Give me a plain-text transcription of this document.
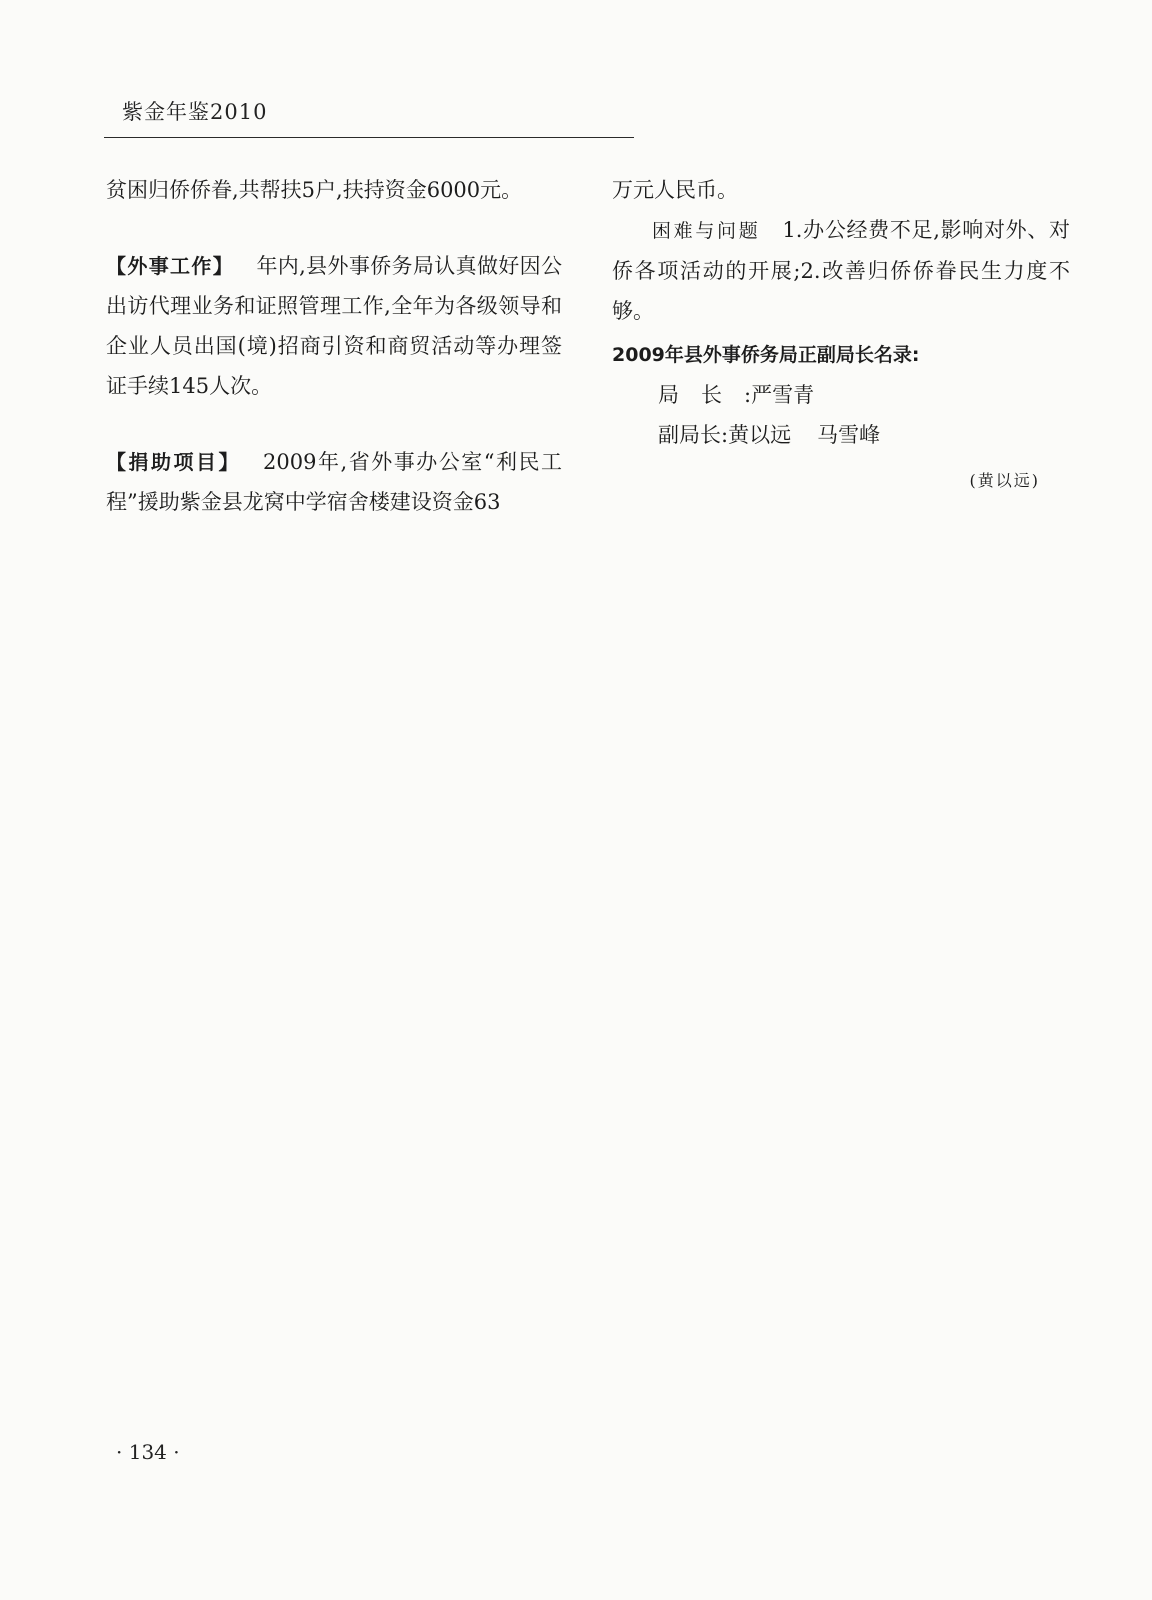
紫金年鉴2010

贫困归侨侨眷,共帮扶5户,扶持资金6000元。

【外事工作】 年内,县外事侨务局认真做好因公出访代理业务和证照管理工作,全年为各级领导和企业人员出国(境)招商引资和商贸活动等办理签证手续145人次。

【捐助项目】 2009年,省外事办公室“利民工程”援助紫金县龙窝中学宿舍楼建设资金63

万元人民币。

困难与问题 1.办公经费不足,影响对外、对侨各项活动的开展;2.改善归侨侨眷民生力度不够。

2009年县外事侨务局正副局长名录:

局长:严雪青

副局长:黄以远 马雪峰

(黄以远)

· 134 ·
